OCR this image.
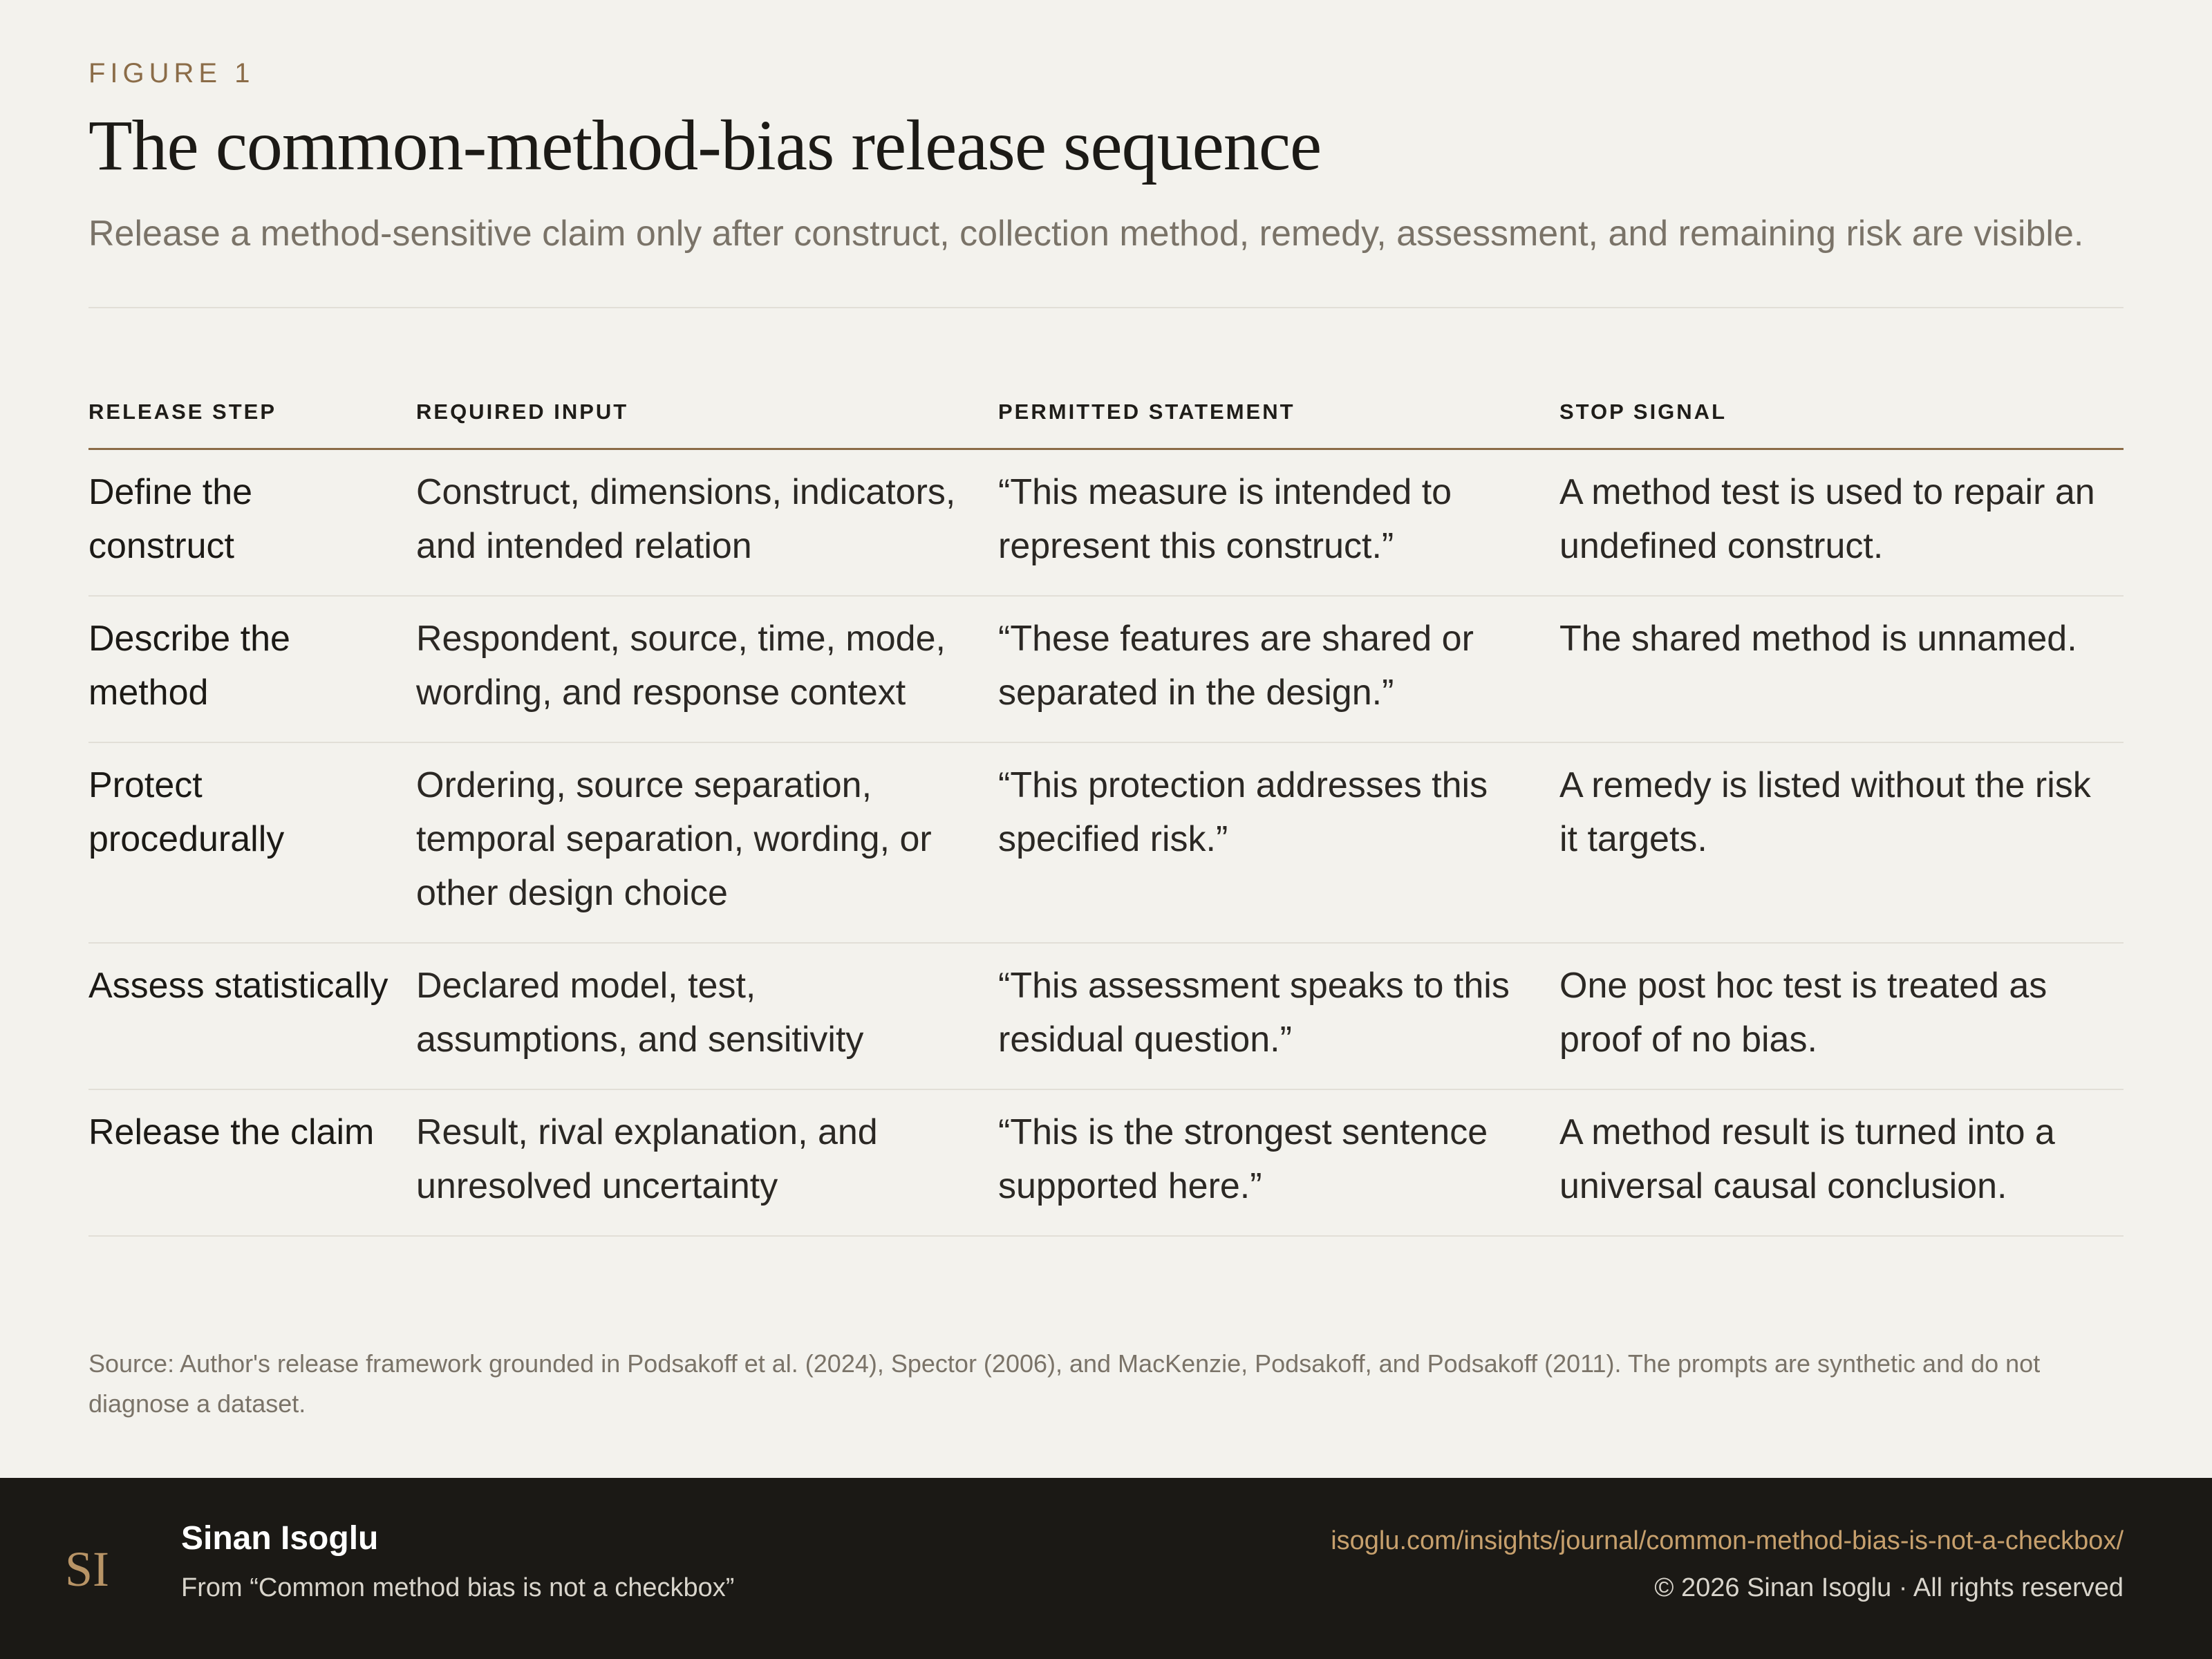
FIGURE 1

The common-method-bias release sequence

Release a method-sensitive claim only after construct, collection method, remedy, assessment, and remaining risk are visible.

RELEASE STEP	REQUIRED INPUT	PERMITTED STATEMENT	STOP SIGNAL
Define the construct	Construct, dimensions, indicators, and intended relation	“This measure is intended to represent this construct.”	A method test is used to repair an undefined construct.
Describe the method	Respondent, source, time, mode, wording, and response context	“These features are shared or separated in the design.”	The shared method is unnamed.
Protect procedurally	Ordering, source separation, temporal separation, wording, or other design choice	“This protection addresses this specified risk.”	A remedy is listed without the risk it targets.
Assess statistically	Declared model, test, assumptions, and sensitivity	“This assessment speaks to this residual question.”	One post hoc test is treated as proof of no bias.
Release the claim	Result, rival explanation, and unresolved uncertainty	“This is the strongest sentence supported here.”	A method result is turned into a universal causal conclusion.

Source: Author's release framework grounded in Podsakoff et al. (2024), Spector (2006), and MacKenzie, Podsakoff, and Podsakoff (2011). The prompts are synthetic and do not diagnose a dataset.

SI
Sinan Isoglu
From “Common method bias is not a checkbox”
isoglu.com/insights/journal/common-method-bias-is-not-a-checkbox/
© 2026 Sinan Isoglu · All rights reserved
